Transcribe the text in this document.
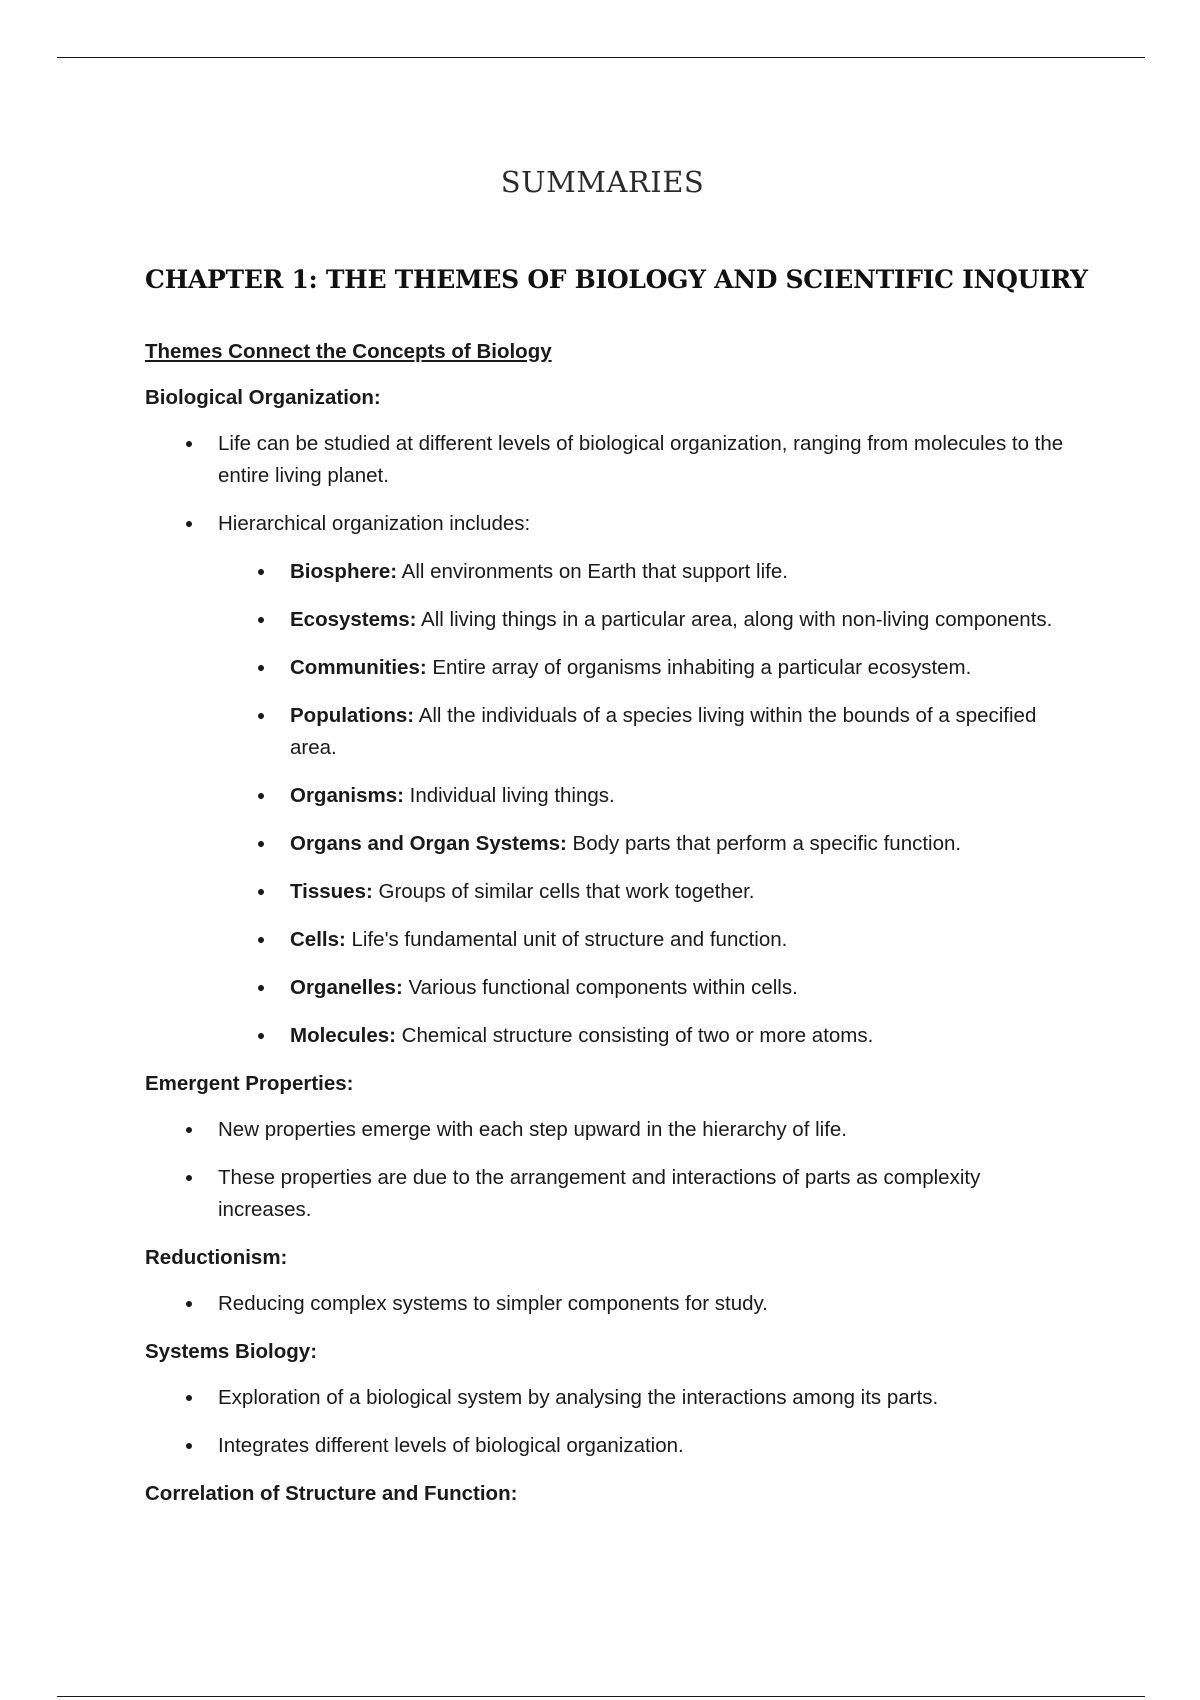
SUMMARIES
CHAPTER 1: THE THEMES OF BIOLOGY AND SCIENTIFIC INQUIRY
Themes Connect the Concepts of Biology
Biological Organization:
Life can be studied at different levels of biological organization, ranging from molecules to the entire living planet.
Hierarchical organization includes:
Biosphere: All environments on Earth that support life.
Ecosystems: All living things in a particular area, along with non-living components.
Communities: Entire array of organisms inhabiting a particular ecosystem.
Populations: All the individuals of a species living within the bounds of a specified area.
Organisms: Individual living things.
Organs and Organ Systems: Body parts that perform a specific function.
Tissues: Groups of similar cells that work together.
Cells: Life's fundamental unit of structure and function.
Organelles: Various functional components within cells.
Molecules: Chemical structure consisting of two or more atoms.
Emergent Properties:
New properties emerge with each step upward in the hierarchy of life.
These properties are due to the arrangement and interactions of parts as complexity increases.
Reductionism:
Reducing complex systems to simpler components for study.
Systems Biology:
Exploration of a biological system by analysing the interactions among its parts.
Integrates different levels of biological organization.
Correlation of Structure and Function:
